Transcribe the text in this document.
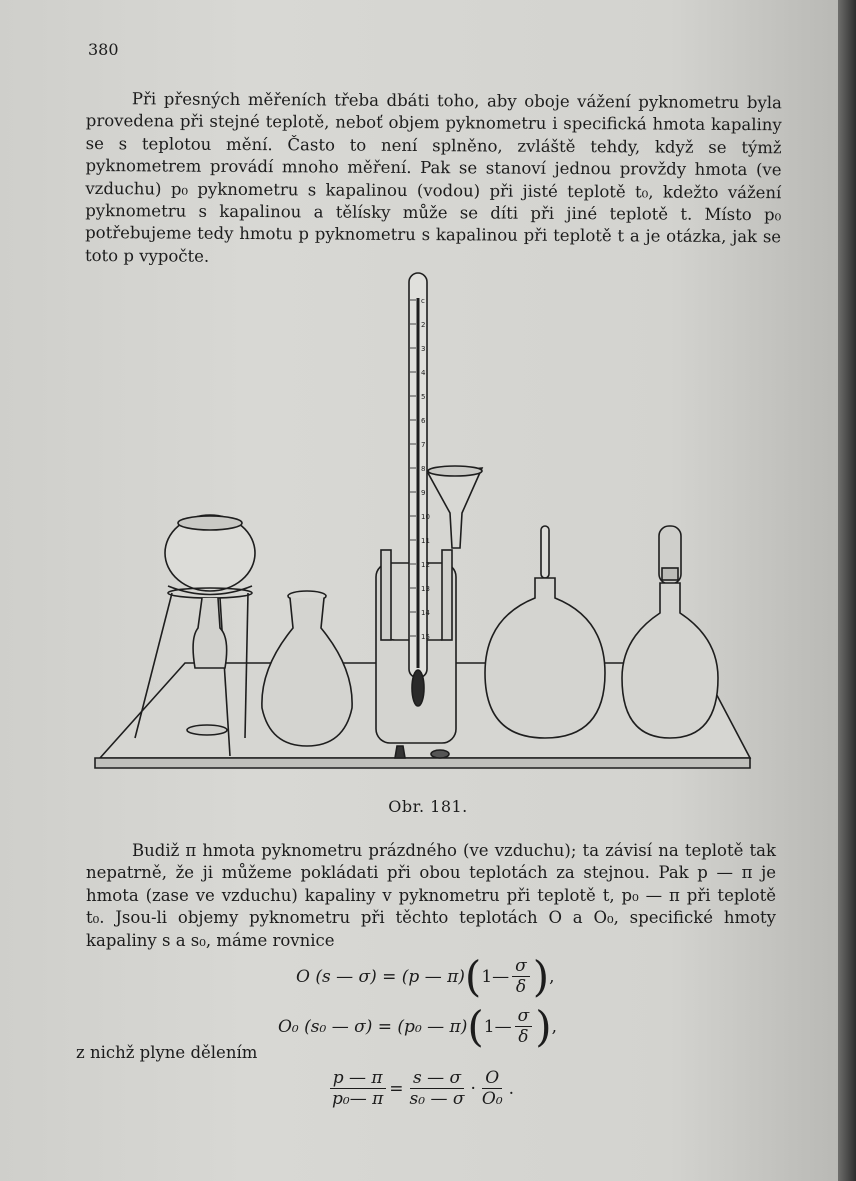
380
Při přesných měřeních třeba dbáti toho, aby oboje vážení pyknometru byla provedena při stejné teplotě, neboť objem pyknometru i specifická hmota kapaliny se s teplotou mění. Často to není splněno, zvláště tehdy, když se týmž pyknometrem provádí mnoho měření. Pak se stanoví jednou provždy hmota (ve vzduchu) p₀ pyknometru s kapalinou (vodou) při jisté teplotě t₀, kdežto vážení pyknometru s kapalinou a tělísky může se díti při jiné teplotě t. Místo p₀ potřebujeme tedy hmotu p pyknometru s kapalinou při teplotě t a je otázka, jak se toto p vypočte.
c
2
3
4
5
6
7
8
9
10
11
12
13
14
15
Obr. 181.
Budiž π hmota pyknometru prázdného (ve vzduchu); ta závisí na teplotě tak nepatrně, že ji můžeme pokládati při obou teplotách za stejnou. Pak p — π je hmota (zase ve vzduchu) kapaliny v pyknometru při teplotě t, p₀ — π při teplotě t₀. Jsou-li objemy pyknometru při těchto teplotách O a O₀, specifické hmoty kapaliny s a s₀, máme rovnice
O (s — σ) = (p — π) ( 1— $\frac{\sigma}{\delta}$ ) ,
O₀ (s₀ — σ) = (p₀ — π) ( 1— $\frac{\sigma}{\delta}$ ) ,
z nichž plyne dělením
$\frac{p — \pi}{\text{p₀— π}} = \frac{s — \sigma}{\text{s₀ — σ}} \cdot \frac{O}{\text{O₀}}$ .
